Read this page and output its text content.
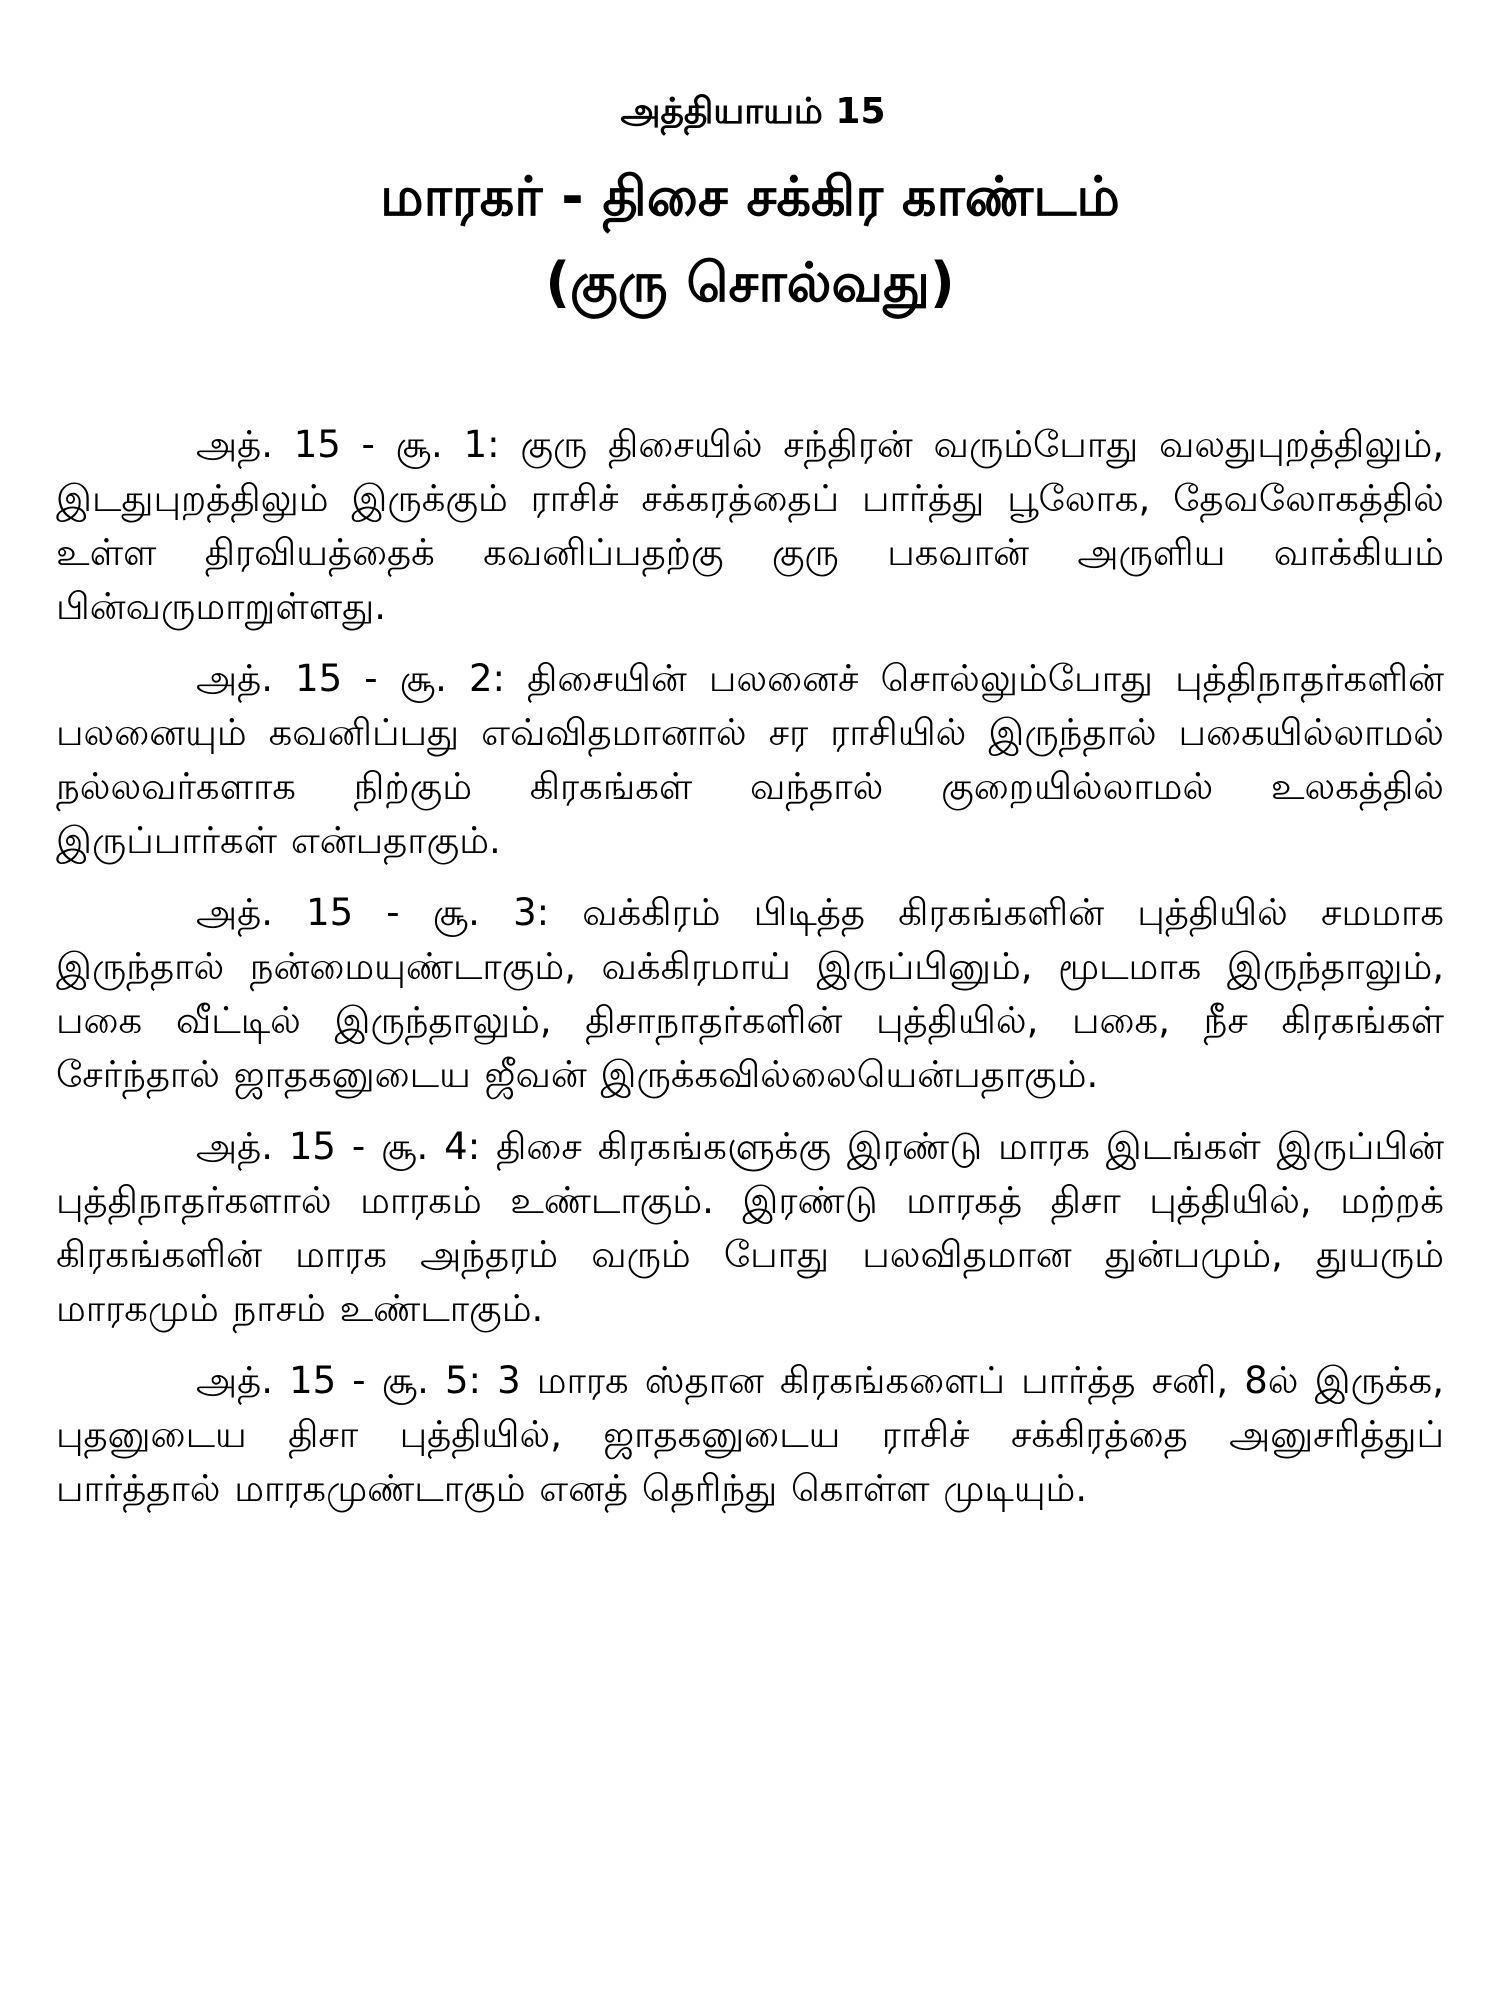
அத்தியாயம் 15
மாரகர் - திசை சக்கிர காண்டம்
(குரு சொல்வது)

அத். 15 - சூ. 1: குரு திசையில் சந்திரன் வரும்போது வலதுபுறத்திலும், இடதுபுறத்திலும் இருக்கும் ராசிச் சக்கரத்தைப் பார்த்து பூலோக, தேவலோகத்தில் உள்ள திரவியத்தைக் கவனிப்பதற்கு குரு பகவான் அருளிய வாக்கியம் பின்வருமாறுள்ளது.

அத். 15 - சூ. 2: திசையின் பலனைச் சொல்லும்போது புத்திநாதர்களின் பலனையும் கவனிப்பது எவ்விதமானால் சர ராசியில் இருந்தால் பகையில்லாமல் நல்லவர்களாக நிற்கும் கிரகங்கள் வந்தால் குறையில்லாமல் உலகத்தில் இருப்பார்கள் என்பதாகும்.

அத். 15 - சூ. 3: வக்கிரம் பிடித்த கிரகங்களின் புத்தியில் சமமாக இருந்தால் நன்மையுண்டாகும், வக்கிரமாய் இருப்பினும், மூடமாக இருந்தாலும், பகை வீட்டில் இருந்தாலும், திசாநாதர்களின் புத்தியில், பகை, நீச கிரகங்கள் சேர்ந்தால் ஜாதகனுடைய ஜீவன் இருக்கவில்லையென்பதாகும்.

அத். 15 - சூ. 4: திசை கிரகங்களுக்கு இரண்டு மாரக இடங்கள் இருப்பின் புத்திநாதர்களால் மாரகம் உண்டாகும். இரண்டு மாரகத் திசா புத்தியில், மற்றக் கிரகங்களின் மாரக அந்தரம் வரும் போது பலவிதமான துன்பமும், துயரும் மாரகமும் நாசம் உண்டாகும்.

அத். 15 - சூ. 5: 3 மாரக ஸ்தான கிரகங்களைப் பார்த்த சனி, 8ல் இருக்க, புதனுடைய திசா புத்தியில், ஜாதகனுடைய ராசிச் சக்கிரத்தை அனுசரித்துப் பார்த்தால் மாரகமுண்டாகும் எனத் தெரிந்து கொள்ள முடியும்.
